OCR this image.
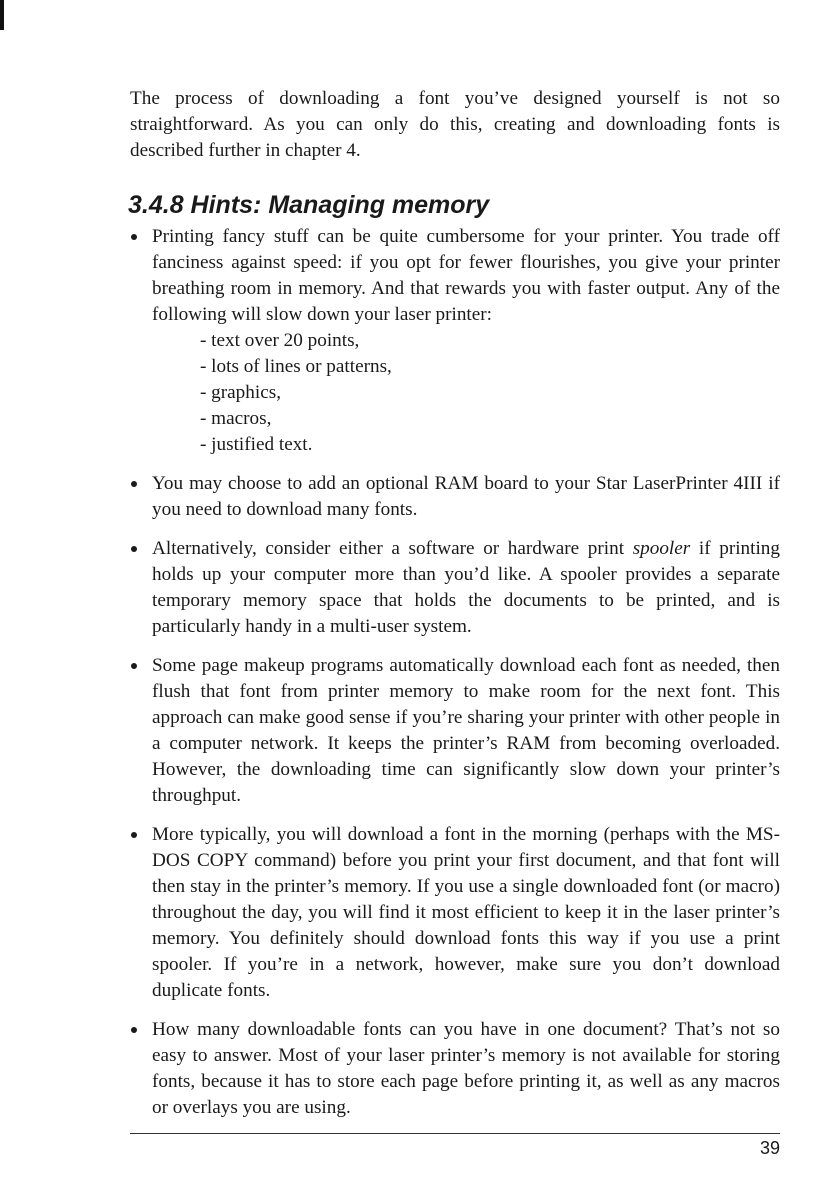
The process of downloading a font you’ve designed yourself is not so straightforward. As you can only do this, creating and downloading fonts is described further in chapter 4.

3.4.8 Hints: Managing memory

Printing fancy stuff can be quite cumbersome for your printer. You trade off fanciness against speed: if you opt for fewer flourishes, you give your printer breathing room in memory. And that rewards you with faster output. Any of the following will slow down your laser printer:

- text over 20 points,
- lots of lines or patterns,
- graphics,
- macros,
- justified text.

You may choose to add an optional RAM board to your Star LaserPrinter 4III if you need to download many fonts.

Alternatively, consider either a software or hardware print spooler if printing holds up your computer more than you’d like. A spooler provides a separate temporary memory space that holds the documents to be printed, and is particularly handy in a multi-user system.

Some page makeup programs automatically download each font as needed, then flush that font from printer memory to make room for the next font. This approach can make good sense if you’re sharing your printer with other people in a computer network. It keeps the printer’s RAM from becoming overloaded. However, the downloading time can significantly slow down your printer’s throughput.

More typically, you will download a font in the morning (perhaps with the MS-DOS COPY command) before you print your first document, and that font will then stay in the printer’s memory. If you use a single downloaded font (or macro) throughout the day, you will find it most efficient to keep it in the laser printer’s memory. You definitely should download fonts this way if you use a print spooler. If you’re in a network, however, make sure you don’t download duplicate fonts.

How many downloadable fonts can you have in one document? That’s not so easy to answer. Most of your laser printer’s memory is not available for storing fonts, because it has to store each page before printing it, as well as any macros or overlays you are using.

39
